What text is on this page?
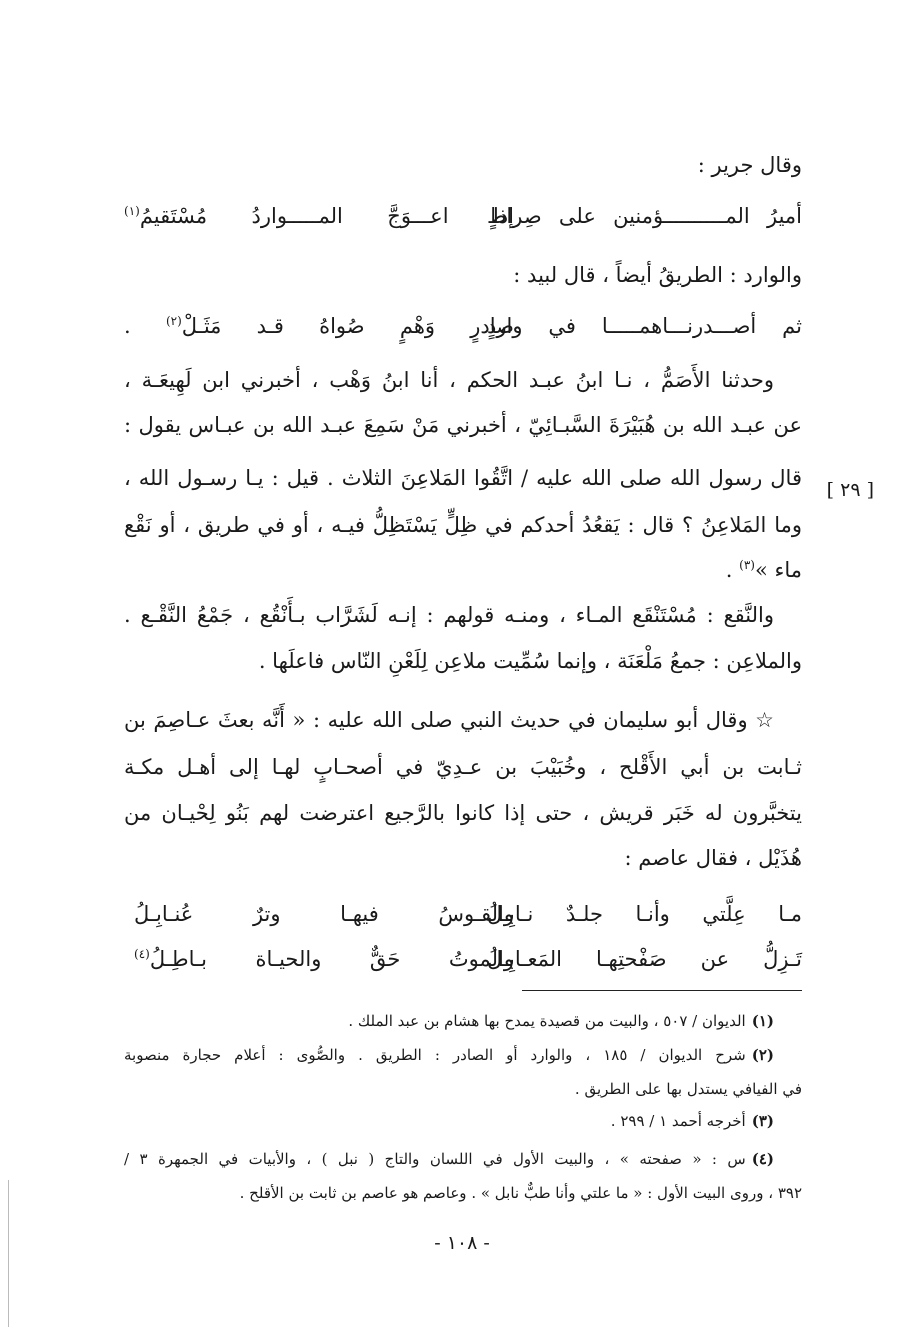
وقال جرير :
أميرُ المــــــــــؤمنين على صِراطٍ
إذا اعـــوَجَّ المـــــواردُ مُسْتَقيمُ$^{(١)}$
والوارد : الطريقُ أيضاً ، قال لبيد :
ثم أصـــدرنـــاهمـــــا في واردٍ
صادرٍ وَهْمٍ صُواهُ قـد مَثَـلْ$^{(٢)}$ .
وحدثنا الأَصَمُّ ، نـا ابنُ عبـد الحكم ، أنا ابنُ وَهْب ، أخبرني ابن لَهِيعَـة ،
عن عبـد الله بن هُبَيْرَةَ السَّبـائِيّ ، أخبرني مَنْ سَمِعَ عبـد الله بن عبـاس يقول :
قال رسول الله صلى الله عليه / اتَّقُوا المَلاعِنَ الثلاث . قيل : يـا رسـول الله ،
وما المَلاعِنُ ؟ قال : يَقعُدُ أحدكم في ظِلٍّ يَسْتَظِلُّ فيـه ، أو في طريق ، أو نَقْع
ماء »$^{(٣)}$ .
[ ٢٩ ]
والنَّقع : مُسْتَنْقَع المـاء ، ومنـه قولهم : إنـه لَشَرَّاب بـأَنْقُع ، جَمْعُ النَّقْـع .
والملاعِن : جمعُ مَلْعَنَة ، وإنما سُمِّيت ملاعِن لِلَعْنِ النّاس فاعلَها .
☆ وقال أبو سليمان في حديث النبي صلى الله عليه : « أَنَّه بعثَ عـاصِمَ بن
ثـابت بن أبي الأَقْلح ، وخُبَيْبَ بن عـدِيّ في أصحـابٍ لهـا إلى أهـل مكـة
يتخبَّرون له خَبَر قريش ، حتى إذا كانوا بالرَّجيع اعترضت لهم بَنُو لِحْيـان من
هُذَيْل ، فقال عاصم :
مـا عِلَّتي وأنـا جلـدٌ نـابِـلُ
والقـوسُ فيهـا وترٌ عُنـابِـلُ
تَـزِلُّ عن صَفْحتِهـا المَعـابِـلُ
والموتُ حَقٌّ والحيـاة بـاطِـلُ$^{(٤)}$
(١)الديوان / ٥٠٧ ، والبيت من قصيدة يمدح بها هشام بن عبد الملك .
(٢)شرح الديوان / ١٨٥ ، والوارد أو الصادر : الطريق . والصُّوى : أعلام حجارة منصوبة
في الفيافي يستدل بها على الطريق .
(٣)أخرجه أحمد ١ / ٢٩٩ .
(٤)س : « صفحته » ، والبيت الأول في اللسان والتاج ( نبل ) ، والأبيات في الجمهرة ٣ /
٣٩٢ ، وروى البيت الأول : « ما علتي وأنا طبٌّ نابل » . وعاصم هو عاصم بن ثابت بن الأقلح .
- ١٠٨ -
